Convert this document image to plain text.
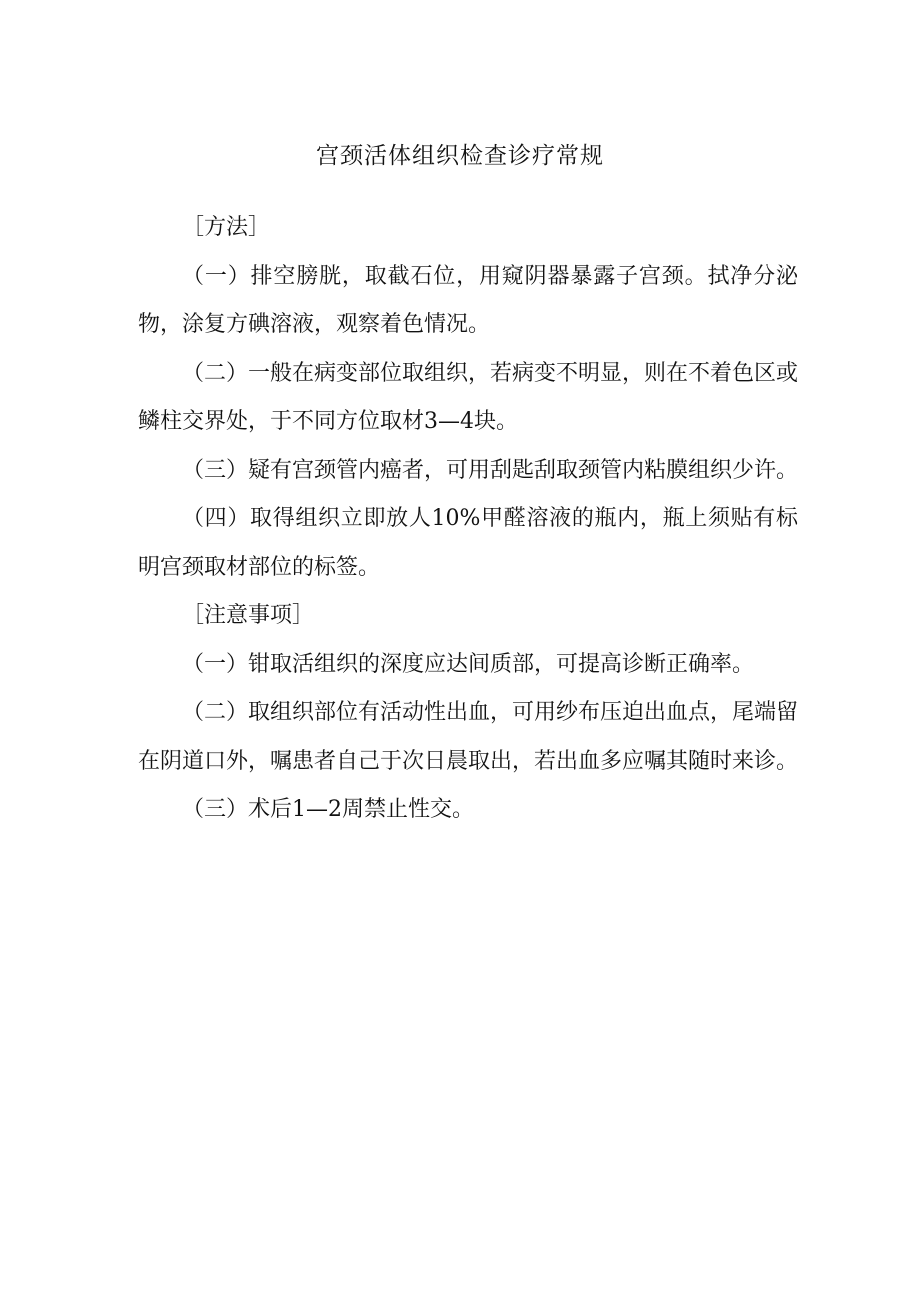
宫颈活体组织检查诊疗常规

［方法］

（一）排空膀胱，取截石位，用窥阴器暴露子宫颈。拭净分泌物，涂复方碘溶液，观察着色情况。

（二）一般在病变部位取组织，若病变不明显，则在不着色区或鳞柱交界处，于不同方位取材3—4块。

（三）疑有宫颈管内癌者，可用刮匙刮取颈管内粘膜组织少许。

（四）取得组织立即放人10%甲醛溶液的瓶内，瓶上须贴有标明宫颈取材部位的标签。

［注意事项］

（一）钳取活组织的深度应达间质部，可提高诊断正确率。

（二）取组织部位有活动性出血，可用纱布压迫出血点，尾端留在阴道口外，嘱患者自己于次日晨取出，若出血多应嘱其随时来诊。

（三）术后1—2周禁止性交。
